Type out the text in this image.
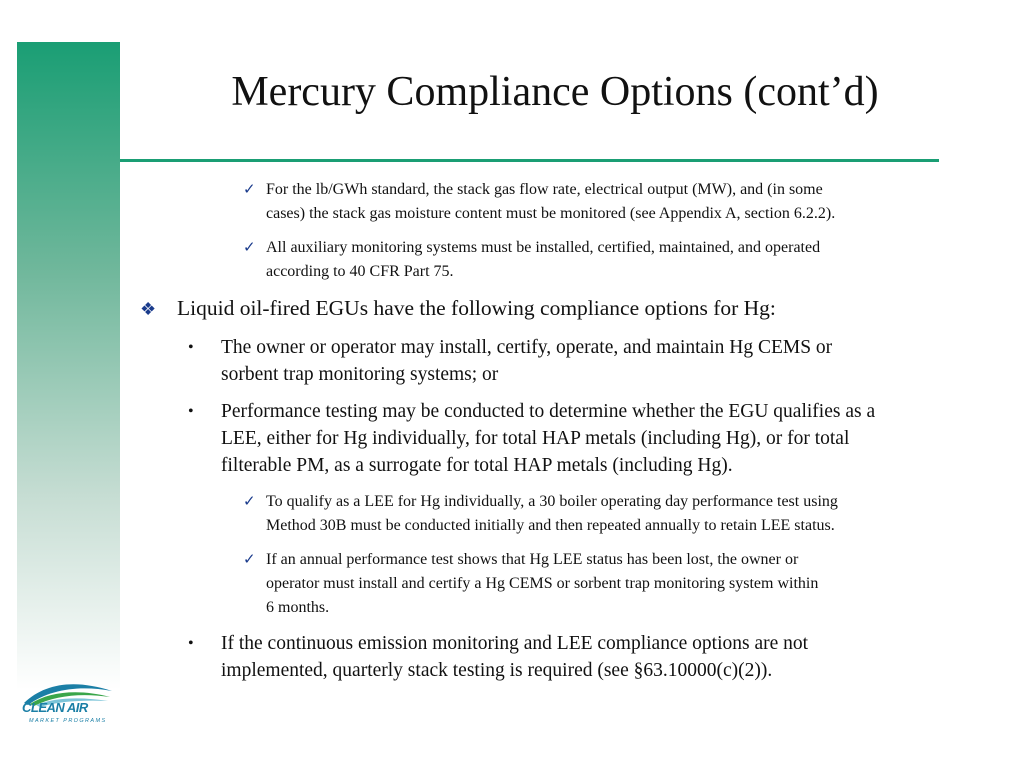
Mercury Compliance Options (cont’d)
✓ For the lb/GWh standard, the stack gas flow rate, electrical output (MW), and (in some
cases) the stack gas moisture content must be monitored (see Appendix A, section 6.2.2).
✓ All auxiliary monitoring systems must be installed, certified, maintained, and operated
according to 40 CFR Part 75.
❖ Liquid oil-fired EGUs have the following compliance options for Hg:
• The owner or operator may install, certify, operate, and maintain Hg CEMS or
sorbent trap monitoring systems; or
• Performance testing may be conducted to determine whether the EGU qualifies as a
LEE, either for Hg individually, for total HAP metals (including Hg), or for total
filterable PM, as a surrogate for total HAP metals (including Hg).
✓ To qualify as a LEE for Hg individually, a 30 boiler operating day performance test using
Method 30B must be conducted initially and then repeated annually to retain LEE status.
✓ If an annual performance test shows that Hg LEE status has been lost, the owner or
operator must install and certify a Hg CEMS or sorbent trap monitoring system within
6 months.
• If the continuous emission monitoring and LEE compliance options are not
implemented, quarterly stack testing is required (see §63.10000(c)(2)).
CLEAN AIR
MARKET PROGRAMS
